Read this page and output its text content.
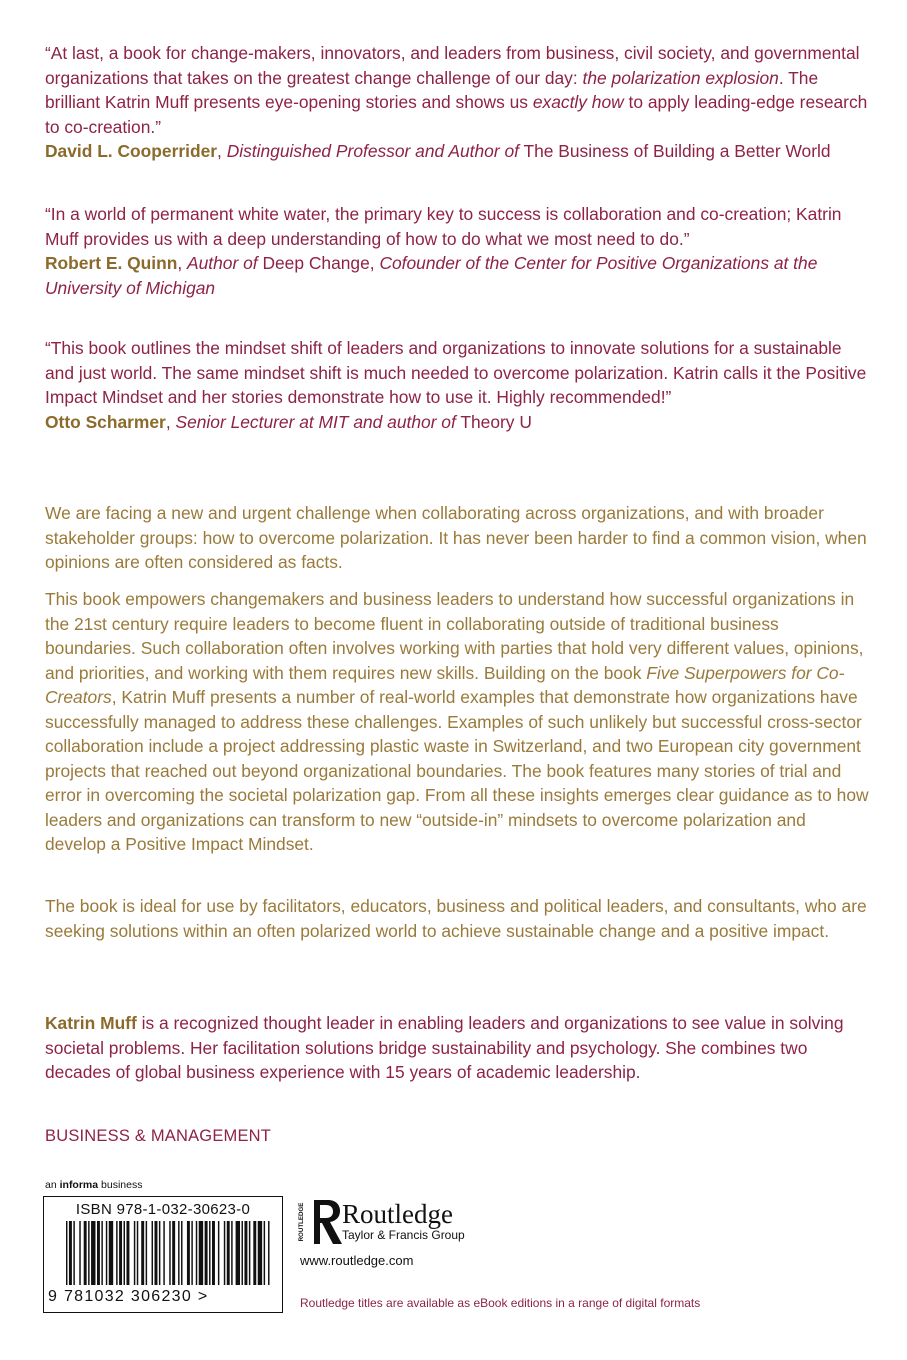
“At last, a book for change-makers, innovators, and leaders from business, civil society, and governmental organizations that takes on the greatest change challenge of our day: the polarization explosion. The brilliant Katrin Muff presents eye-opening stories and shows us exactly how to apply leading-edge research to co-creation.”

David L. Cooperrider, Distinguished Professor and Author of The Business of Building a Better World

“In a world of permanent white water, the primary key to success is collaboration and co-creation; Katrin Muff provides us with a deep understanding of how to do what we most need to do.”

Robert E. Quinn, Author of Deep Change, Cofounder of the Center for Positive Organizations at the University of Michigan

“This book outlines the mindset shift of leaders and organizations to innovate solutions for a sustainable and just world. The same mindset shift is much needed to overcome polarization. Katrin calls it the Positive Impact Mindset and her stories demonstrate how to use it. Highly recommended!”

Otto Scharmer, Senior Lecturer at MIT and author of Theory U

We are facing a new and urgent challenge when collaborating across organizations, and with broader stakeholder groups: how to overcome polarization. It has never been harder to find a common vision, when opinions are often considered as facts.

This book empowers changemakers and business leaders to understand how successful organizations in the 21st century require leaders to become fluent in collaborating outside of traditional business boundaries. Such collaboration often involves working with parties that hold very different values, opinions, and priorities, and working with them requires new skills. Building on the book Five Superpowers for Co-Creators, Katrin Muff presents a number of real-world examples that demonstrate how organizations have successfully managed to address these challenges. Examples of such unlikely but successful cross-sector collaboration include a project addressing plastic waste in Switzerland, and two European city government projects that reached out beyond organizational boundaries. The book features many stories of trial and error in overcoming the societal polarization gap. From all these insights emerges clear guidance as to how leaders and organizations can transform to new “outside-in” mindsets to overcome polarization and develop a Positive Impact Mindset.

The book is ideal for use by facilitators, educators, business and political leaders, and consultants, who are seeking solutions within an often polarized world to achieve sustainable change and a positive impact.

Katrin Muff is a recognized thought leader in enabling leaders and organizations to see value in solving societal problems. Her facilitation solutions bridge sustainability and psychology. She combines two decades of global business experience with 15 years of academic leadership.

BUSINESS & MANAGEMENT
an informa business
ISBN 978-1-032-30623-0
9 781032 306230 >
ROUTLEDGE Routledge
Taylor & Francis Group
www.routledge.com
Routledge titles are available as eBook editions in a range of digital formats
